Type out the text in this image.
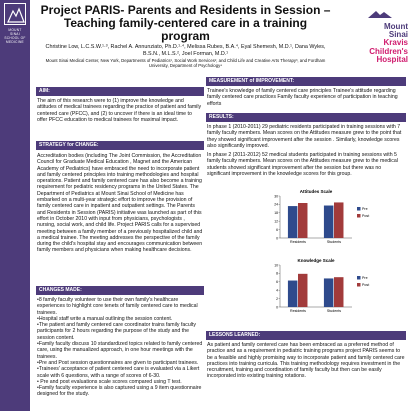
MOUNT
SINAI
SCHOOL OF
MEDICINE
Project PARIS- Parents and Residents in Session – Teaching family-centered care in a training program
Christine Low, L.C.S.W.¹·³, Rachel A. Annunziato, Ph.D.¹·⁴, Melissa Rubes, B.A.⁴, Eyal Shemesh, M.D.¹, Dana Wyles, B.S.N., M.L.S.², Joel Forman, M.D.¹
Mount Sinai Medical Center, New York, Departments of Pediatrics¹, Social Work Services², and Child Life and Creative Arts Therapy³, and Fordham University, Department of Psychology⁴
Mount
Sinai
Kravis
Children's
Hospital
AIM:
The aim of this research were to (1) improve the knowledge and attitudes of medical trainees regarding the practice of patient and family centered care (PFCC), and (2) to uncover if there is an ideal time to offer PFCC education to medical trainees for maximal impact.
STRATEGY for CHANGE:
Accreditation bodies (including The Joint Commission, the Accreditation Council for Graduate Medical Education , Magnet and the American Academy of Pediatrics) have embraced the need to incorporate patient and family centered principles into training methodologies and hospital operations. Patient and family centered care has also become a training requirement for pediatric residency programs in the United States. The Department of Pediatrics at Mount Sinai School of Medicine has embarked on a multi-year strategic effort to improve the provision of family centered care in inpatient and outpatient settings. The Parents and Residents in Session (PARIS) initiative was launched as part of this effort in October 2010 with input from physicians, psychologists , nursing, social work, and child life. Project PARIS calls for a supervised meeting between a family member of a previously hospitalized child and a medical trainee. The meeting addresses the perspective of the family during the child's hospital stay and encourages communication between family members and physicians when making healthcare decisions.
CHANGES MADE:
•8 family faculty volunteer to use their own family's healthcare experiences to highlight core tenets of family centered care to medical trainees.
•Hospital staff write a manual outlining the session content.
•The patient and family centered care coordinator trains family faculty participants for 2 hours regarding the purpose of the study and the session content.
•Family faculty discuss 10 standardized topics related to family centered care, using the manualized approach, in one hour meetings with the trainees.
•Pre and Post session questionnaires are given to participant trainees.
•Trainees' acceptance of patient centered care is evaluated via a Likert scale with 6 questions, with a range of scores of 6-30.
• Pre and post evaluations scale scores compared using T test.
•Family faculty experience is also captured using a 9 item questionnaire designed for the study.
MEASUREMENT of IMPROVEMENT:
Trainee's knowledge of family centered care principles Trainee's attitude regarding family centered care practices Family faculty experience of participation in teaching efforts
RESULTS:

In phase 1 (2010-2011) 29 pediatric residents participated in training sessions with 7 family faculty members. Mean scores on the Attitudes measure grew to the point that they showed significant improvement after the session . Similarly, knowledge scores also significantly improved.

In phase 2 (2011-2012) 52 medical students participated in training sessions with 5 family faculty members. Mean scores on the Attitudes measure grew to the medical students showed significant improvement after the session but there was no significant improvement in the knowledge scores for this group.

Attitudes Scale
0
6
12
18
24
30
Residents	Students
Pre
Post
Knowledge Scale
0
2
4
6
8
10
Residents	Students
Pre
Post
LESSONS LEARNED:
As patient and family centered care has been embraced as a preferred method of practice and as a requirement in pediatric training programs project PARIS seems to be a feasible and highly promising way to incorporate patient and family centered care practices into training curricula. This training methodology requires investment in the recruitment, training and coordination of family faculty but then can be easily incorporated into existing training rotations.
